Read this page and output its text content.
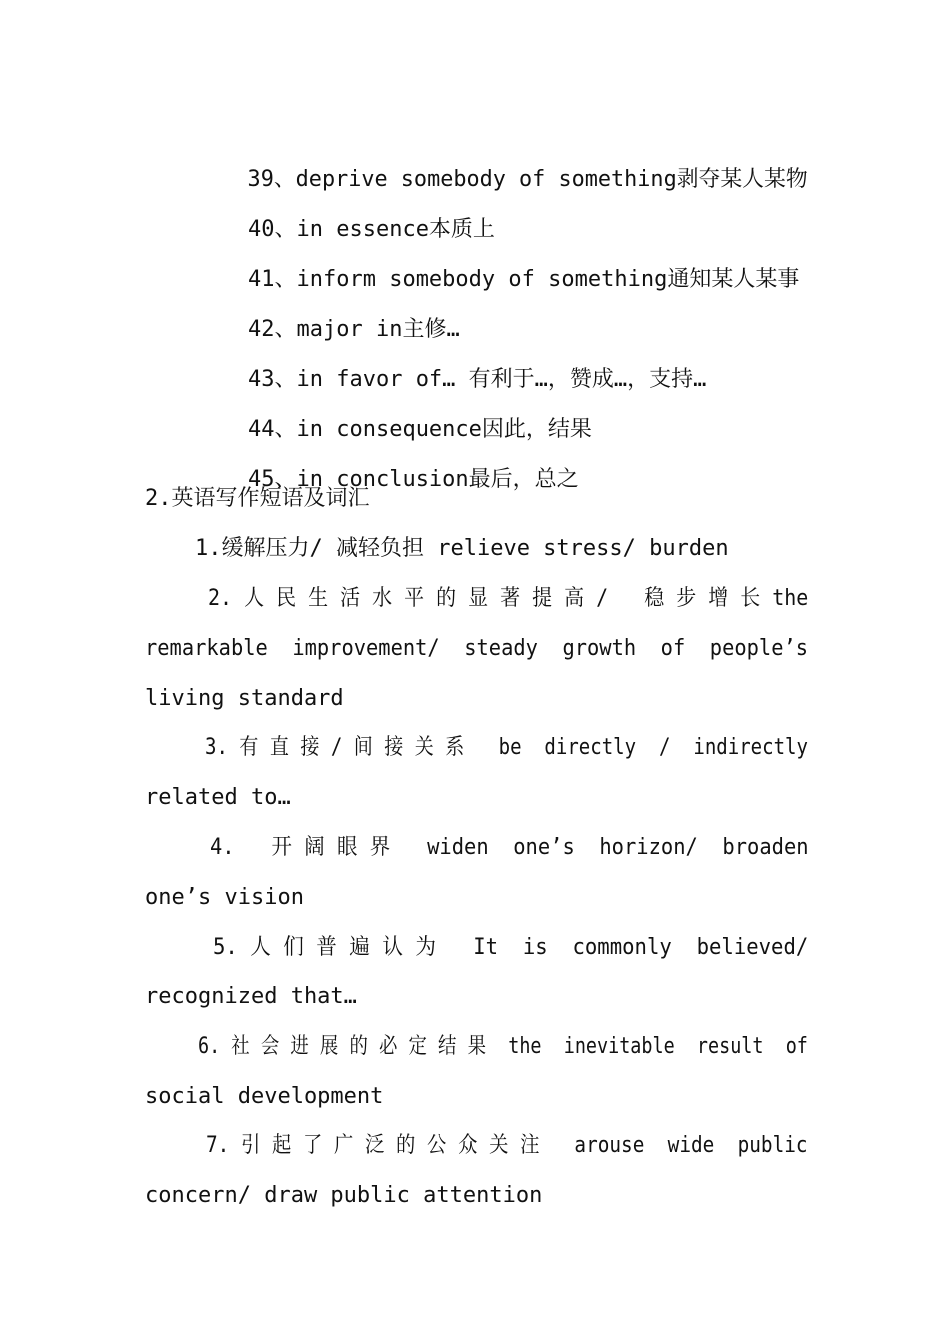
39、deprive somebody of something剥夺某人某物

40、in essence本质上

41、inform somebody of something通知某人某事

42、major in主修…

43、in favor of… 有利于…，赞成…，支持…

44、in consequence因此，结果

45、in conclusion最后，总之

2.英语写作短语及词汇
1.缓解压力/ 减轻负担 relieve stress/ burden
2. 人 民 生 活 水 平 的 显 著 提 高 /   稳 步 增 长 the
remarkable  improvement/  steady  growth  of  people’s
living standard
3. 有 直 接 / 间 接 关 系   be  directly  /  indirectly
related to…
4.   开 阔 眼 界   widen  one’s  horizon/  broaden
one’s vision
5. 人 们 普 遍 认 为   It  is  commonly  believed/
recognized that…
6. 社 会 进 展 的 必 定 结 果  the  inevitable  result  of
social development
7. 引 起 了 广 泛 的 公 众 关 注   arouse  wide  public
concern/ draw public attention
